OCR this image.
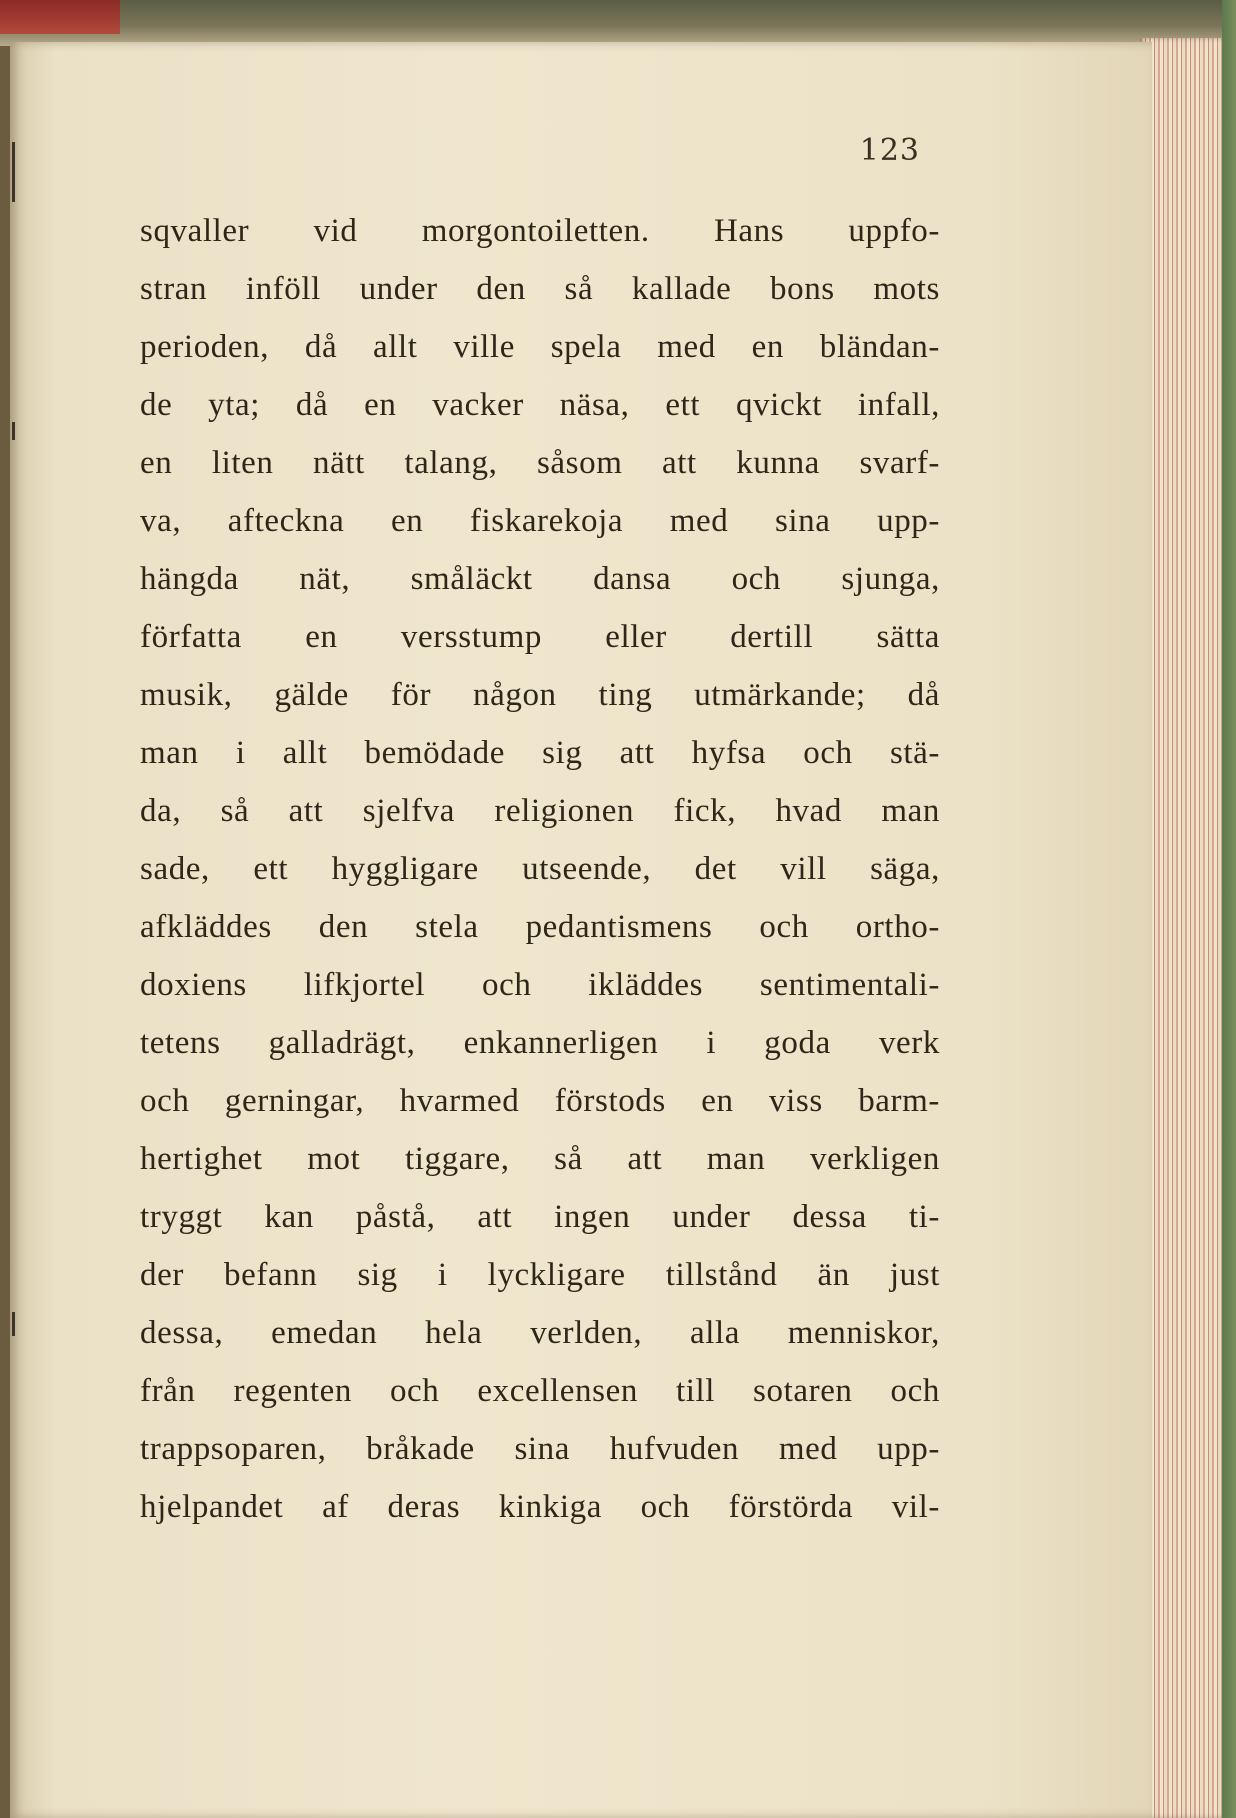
123
sqvaller vid morgontoiletten. Hans uppfo-
stran inföll under den så kallade bons mots
perioden, då allt ville spela med en bländan-
de yta; då en vacker näsa, ett qvickt infall,
en liten nätt talang, såsom att kunna svarf-
va, afteckna en fiskarekoja med sina upp-
hängda nät, småläckt dansa och sjunga,
författa en versstump eller dertill sätta
musik, gälde för någon ting utmärkande; då
man i allt bemödade sig att hyfsa och stä-
da, så att sjelfva religionen fick, hvad man
sade, ett hyggligare utseende, det vill säga,
afkläddes den stela pedantismens och ortho-
doxiens lifkjortel och ikläddes sentimentali-
tetens galladrägt, enkannerligen i goda verk
och gerningar, hvarmed förstods en viss barm-
hertighet mot tiggare, så att man verkligen
tryggt kan påstå, att ingen under dessa ti-
der befann sig i lyckligare tillstånd än just
dessa, emedan hela verlden, alla menniskor,
från regenten och excellensen till sotaren och
trappsoparen, bråkade sina hufvuden med upp-
hjelpandet af deras kinkiga och förstörda vil-
